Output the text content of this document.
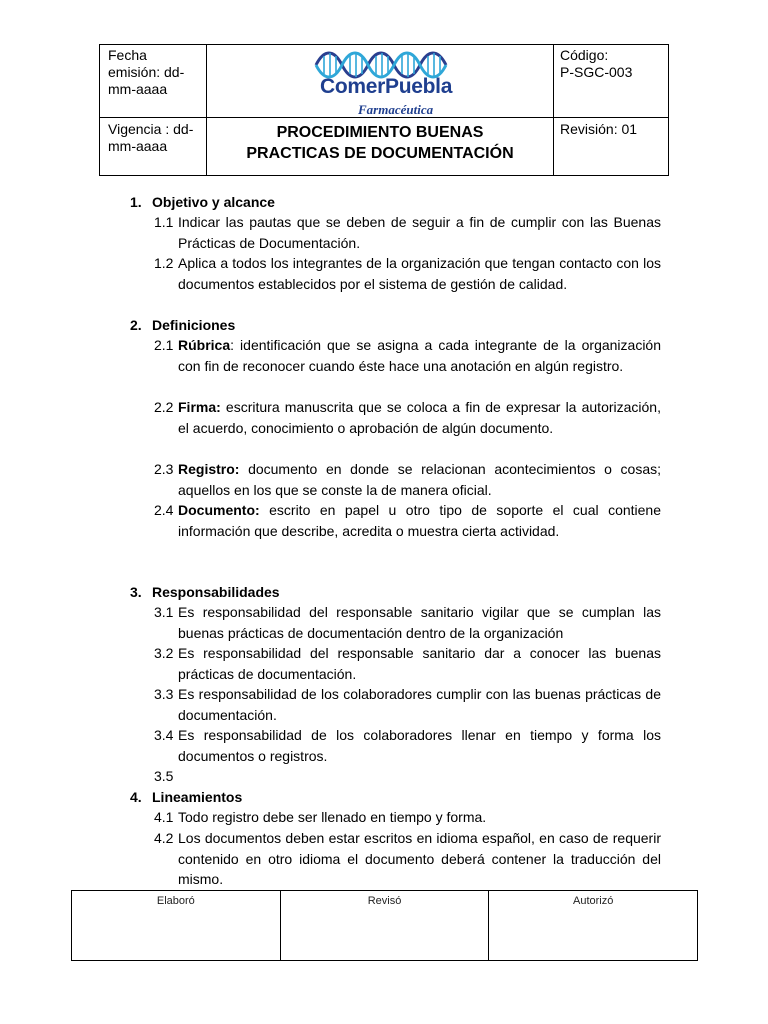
Fecha emisión: dd-mm-aaaa
Vigencia : dd-mm-aaaa
ComerPuebla
Farmacéutica
PROCEDIMIENTO BUENAS
PRACTICAS DE DOCUMENTACIÓN
Código:
P-SGC-003
Revisión: 01
1. Objetivo y alcance
1.1 Indicar las pautas que se deben de seguir a fin de cumplir con las Buenas Prácticas de Documentación.
1.2 Aplica a todos los integrantes de la organización que tengan contacto con los documentos establecidos por el sistema de gestión de calidad.
2. Definiciones
2.1 Rúbrica: identificación que se asigna a cada integrante de la organización con fin de reconocer cuando éste hace una anotación en algún registro.
2.2 Firma: escritura manuscrita que se coloca a fin de expresar la autorización, el acuerdo, conocimiento o aprobación de algún documento.
2.3 Registro: documento en donde se relacionan acontecimientos o cosas; aquellos en los que se conste la de manera oficial.
2.4 Documento: escrito en papel u otro tipo de soporte el cual contiene información que describe, acredita o muestra cierta actividad.
3. Responsabilidades
3.1 Es responsabilidad del responsable sanitario vigilar que se cumplan las buenas prácticas de documentación dentro de la organización
3.2 Es responsabilidad del responsable sanitario dar a conocer las buenas prácticas de documentación.
3.3 Es responsabilidad de los colaboradores cumplir con las buenas prácticas de documentación.
3.4 Es responsabilidad de los colaboradores llenar en tiempo y forma los documentos o registros.
3.5
4. Lineamientos
4.1 Todo registro debe ser llenado en tiempo y forma.
4.2 Los documentos deben estar escritos en idioma español, en caso de requerir contenido en otro idioma el documento deberá contener la traducción del mismo.
Elaboró	Revisó	Autorizó
